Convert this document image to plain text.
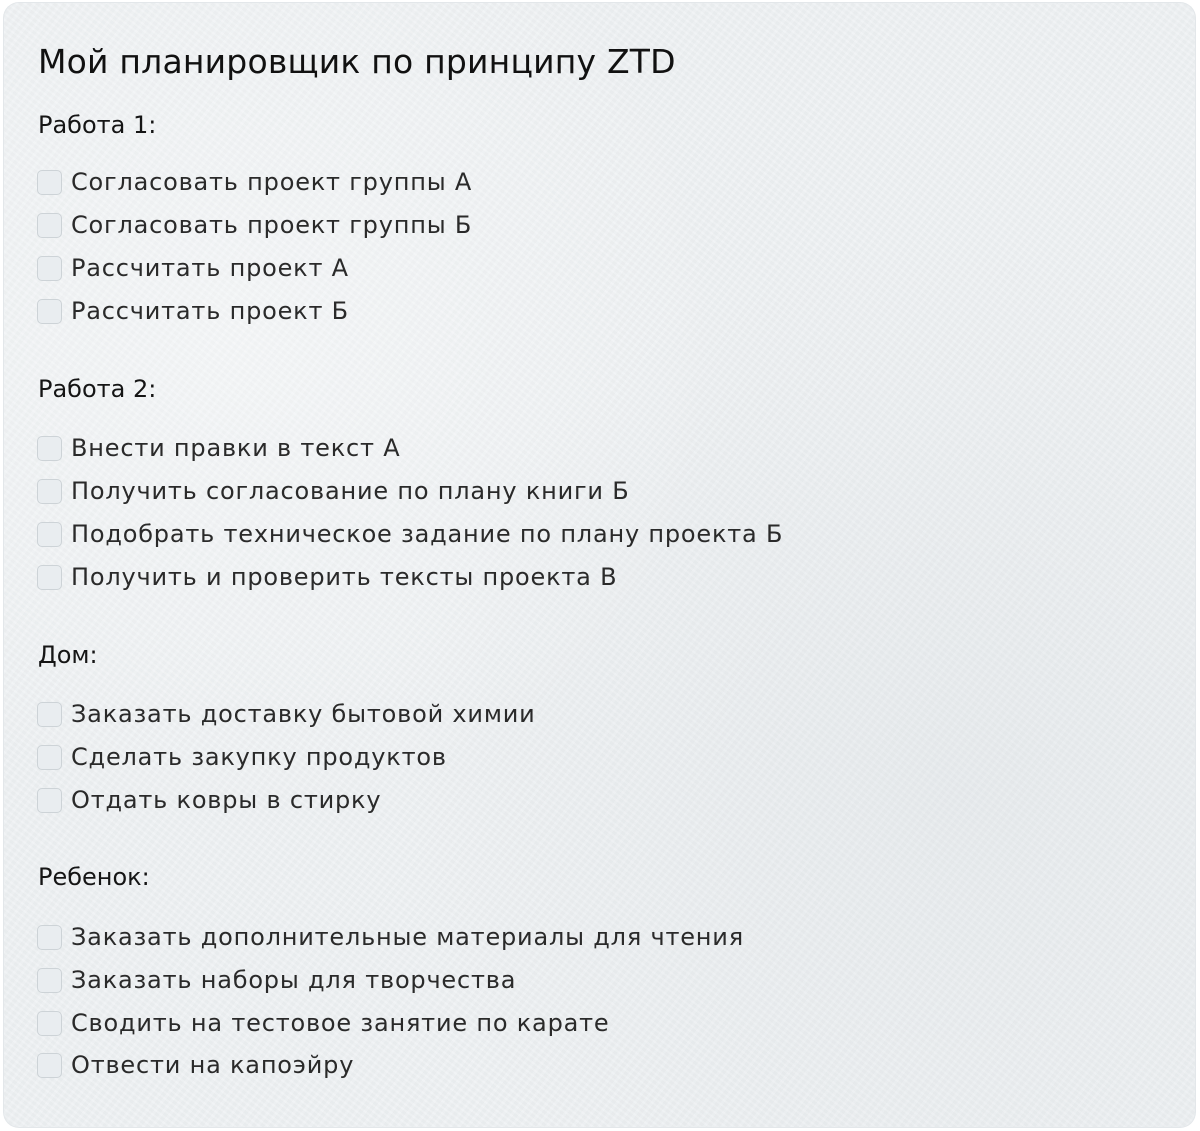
Мой планировщик по принципу ZTD
Работа 1:
Согласовать проект группы А
Согласовать проект группы Б
Рассчитать проект А
Рассчитать проект Б
Работа 2:
Внести правки в текст А
Получить согласование по плану книги Б
Подобрать техническое задание по плану проекта Б
Получить и проверить тексты проекта В
Дом:
Заказать доставку бытовой химии
Сделать закупку продуктов
Отдать ковры в стирку
Ребенок:
Заказать дополнительные материалы для чтения
Заказать наборы для творчества
Сводить на тестовое занятие по карате
Отвести на капоэйру
